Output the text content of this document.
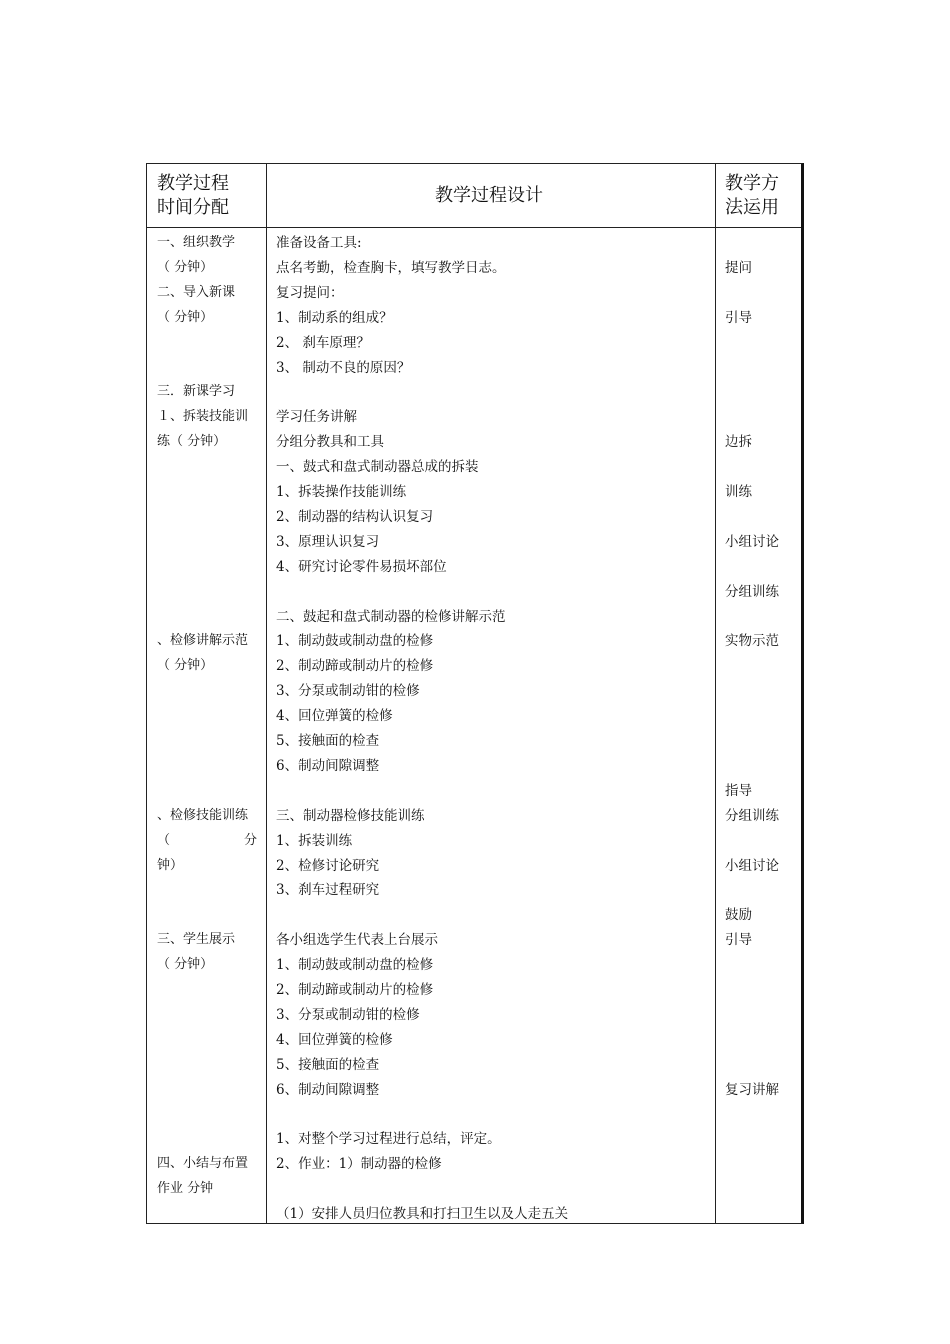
教学过程
时间分配
教学过程设计
教学方
法运用
一、组织教学
（ 分钟）
二、导入新课
（ 分钟）
三．新课学习
１、拆装技能训
练（ 分钟）
、检修讲解示范
（ 分钟）
、检修技能训练
（	分
钟）
三、学生展示
（ 分钟）
四、小结与布置
作业 分钟
准备设备工具:
点名考勤，检查胸卡，填写教学日志。
复习提问：
1、制动系的组成？
2、 刹车原理？
3、 制动不良的原因？
学习任务讲解
分组分教具和工具
一、鼓式和盘式制动器总成的拆装
1、拆装操作技能训练
2、制动器的结构认识复习
3、原理认识复习
4、研究讨论零件易损坏部位
二、鼓起和盘式制动器的检修讲解示范
1、制动鼓或制动盘的检修
2、制动蹄或制动片的检修
3、分泵或制动钳的检修
4、回位弹簧的检修
5、接触面的检查
6、制动间隙调整
三、制动器检修技能训练
1、拆装训练
2、检修讨论研究
3、刹车过程研究
各小组选学生代表上台展示
1、制动鼓或制动盘的检修
2、制动蹄或制动片的检修
3、分泵或制动钳的检修
4、回位弹簧的检修
5、接触面的检查
6、制动间隙调整
1、对整个学习过程进行总结，评定。
2、作业：1）制动器的检修
（1）安排人员归位教具和打扫卫生以及人走五关
提问
引导
边拆
训练
小组讨论
分组训练
实物示范
指导
分组训练
小组讨论
鼓励
引导
复习讲解
